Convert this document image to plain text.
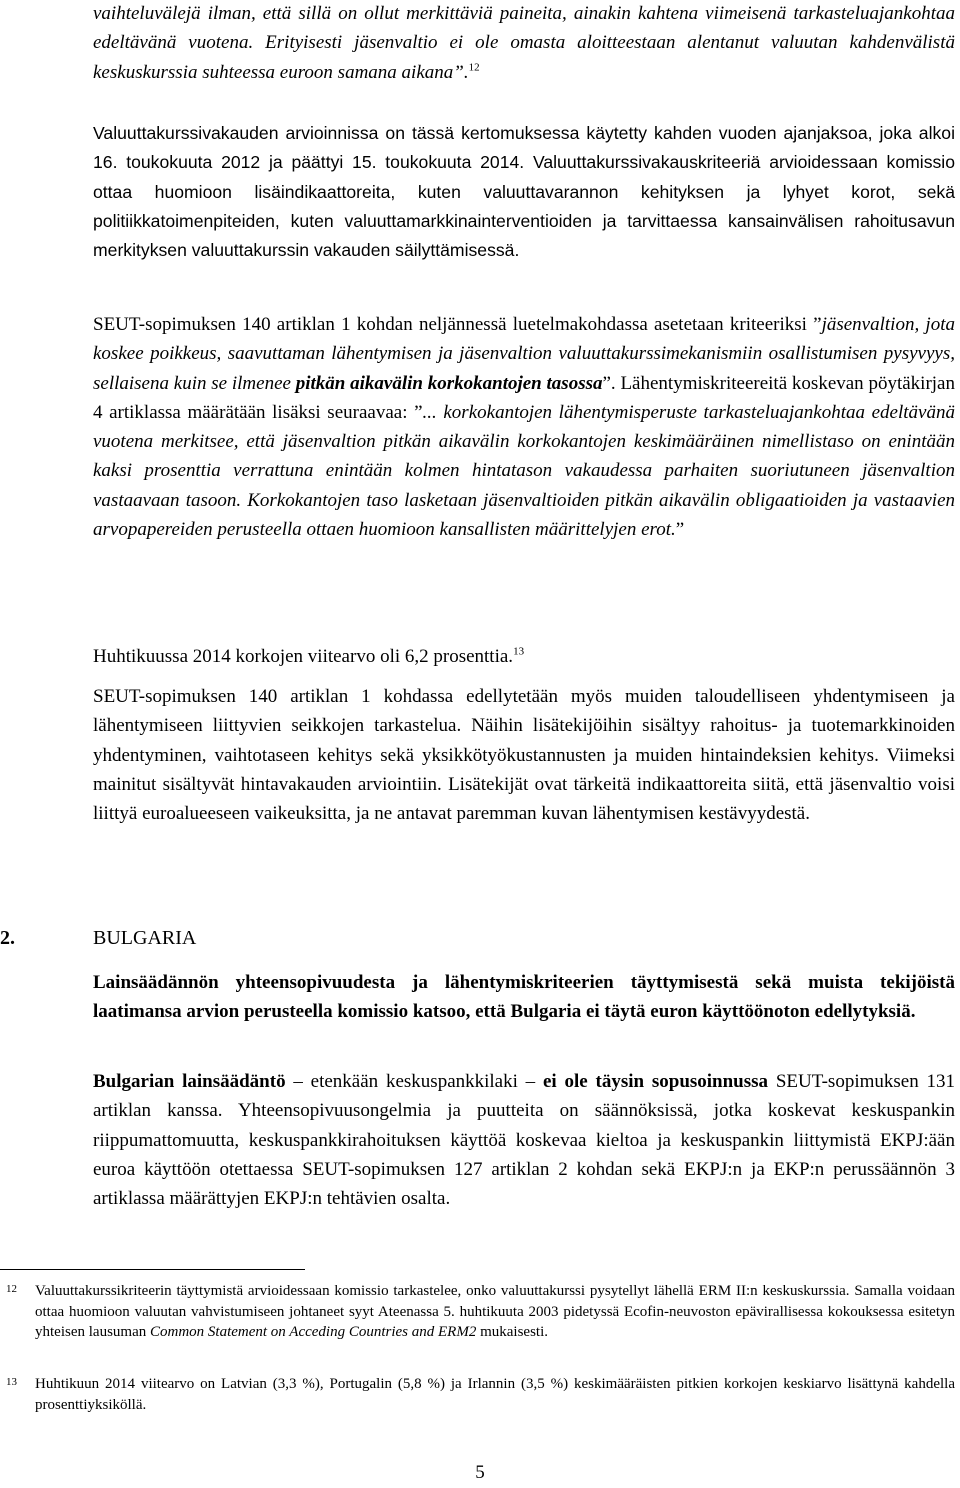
vaihteluvälejä ilman, että sillä on ollut merkittäviä paineita, ainakin kahtena viimeisenä tarkasteluajankohtaa edeltävänä vuotena. Erityisesti jäsenvaltio ei ole omasta aloitteestaan alentanut valuutan kahdenvälistä keskuskurssia suhteessa euroon samana aikana”.$^{12}$

Valuuttakurssivakauden arvioinnissa on tässä kertomuksessa käytetty kahden vuoden ajanjaksoa, joka alkoi 16. toukokuuta 2012 ja päättyi 15. toukokuuta 2014. Valuuttakurssivakauskriteeriä arvioidessaan komissio ottaa huomioon lisäindikaattoreita, kuten valuuttavarannon kehityksen ja lyhyet korot, sekä politiikkatoimenpiteiden, kuten valuuttamarkkinainterventioiden ja tarvittaessa kansainvälisen rahoitusavun merkityksen valuuttakurssin vakauden säilyttämisessä.

SEUT-sopimuksen 140 artiklan 1 kohdan neljännessä luetelmakohdassa asetetaan kriteeriksi ”jäsenvaltion, jota koskee poikkeus, saavuttaman lähentymisen ja jäsenvaltion valuuttakurssimekanismiin osallistumisen pysyvyys, sellaisena kuin se ilmenee pitkän aikavälin korkokantojen tasossa”. Lähentymiskriteereitä koskevan pöytäkirjan 4 artiklassa määrätään lisäksi seuraavaa: ”... korkokantojen lähentymisperuste tarkasteluajankohtaa edeltävänä vuotena merkitsee, että jäsenvaltion pitkän aikavälin korkokantojen keskimääräinen nimellistaso on enintään kaksi prosenttia verrattuna enintään kolmen hintatason vakaudessa parhaiten suoriutuneen jäsenvaltion vastaavaan tasoon. Korkokantojen taso lasketaan jäsenvaltioiden pitkän aikavälin obligaatioiden ja vastaavien arvopapereiden perusteella ottaen huomioon kansallisten määrittelyjen erot.”

Huhtikuussa 2014 korkojen viitearvo oli 6,2 prosenttia.$^{13}$

SEUT-sopimuksen 140 artiklan 1 kohdassa edellytetään myös muiden taloudelliseen yhdentymiseen ja lähentymiseen liittyvien seikkojen tarkastelua. Näihin lisätekijöihin sisältyy rahoitus- ja tuotemarkkinoiden yhdentyminen, vaihtotaseen kehitys sekä yksikkötyökustannusten ja muiden hintaindeksien kehitys. Viimeksi mainitut sisältyvät hintavakauden arviointiin. Lisätekijät ovat tärkeitä indikaattoreita siitä, että jäsenvaltio voisi liittyä euroalueeseen vaikeuksitta, ja ne antavat paremman kuvan lähentymisen kestävyydestä.

2.	BULGARIA

Lainsäädännön yhteensopivuudesta ja lähentymiskriteerien täyttymisestä sekä muista tekijöistä laatimansa arvion perusteella komissio katsoo, että Bulgaria ei täytä euron käyttöönoton edellytyksiä.

Bulgarian lainsäädäntö – etenkään keskuspankkilaki – ei ole täysin sopusoinnussa SEUT-sopimuksen 131 artiklan kanssa. Yhteensopivuusongelmia ja puutteita on säännöksissä, jotka koskevat keskuspankin riippumattomuutta, keskuspankkirahoituksen käyttöä koskevaa kieltoa ja keskuspankin liittymistä EKPJ:ään euroa käyttöön otettaessa SEUT-sopimuksen 127 artiklan 2 kohdan sekä EKPJ:n ja EKP:n perussäännön 3 artiklassa määrättyjen EKPJ:n tehtävien osalta.

12 Valuuttakurssikriteerin täyttymistä arvioidessaan komissio tarkastelee, onko valuuttakurssi pysytellyt lähellä ERM II:n keskuskurssia. Samalla voidaan ottaa huomioon valuutan vahvistumiseen johtaneet syyt Ateenassa 5. huhtikuuta 2003 pidetyssä Ecofin-neuvoston epävirallisessa kokouksessa esitetyn yhteisen lausuman Common Statement on Acceding Countries and ERM2 mukaisesti.
13 Huhtikuun 2014 viitearvo on Latvian (3,3 %), Portugalin (5,8 %) ja Irlannin (3,5 %) keskimääräisten pitkien korkojen keskiarvo lisättynä kahdella prosenttiyksiköllä.
5
